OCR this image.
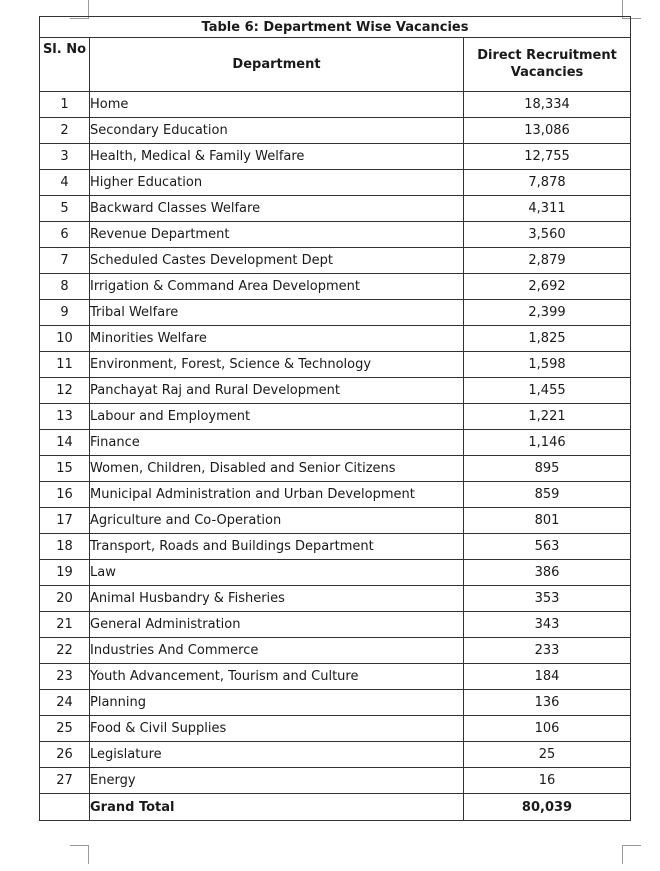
Table 6: Department Wise Vacancies		
Sl. No	Department	Direct Recruitment Vacancies
1	Home	18,334
2	Secondary Education	13,086
3	Health, Medical & Family Welfare	12,755
4	Higher Education	7,878
5	Backward Classes Welfare	4,311
6	Revenue Department	3,560
7	Scheduled Castes Development Dept	2,879
8	Irrigation & Command Area Development	2,692
9	Tribal Welfare	2,399
10	Minorities Welfare	1,825
11	Environment, Forest, Science & Technology	1,598
12	Panchayat Raj and Rural Development	1,455
13	Labour and Employment	1,221
14	Finance	1,146
15	Women, Children, Disabled and Senior Citizens	895
16	Municipal Administration and Urban Development	859
17	Agriculture and Co-Operation	801
18	Transport, Roads and Buildings Department	563
19	Law	386
20	Animal Husbandry & Fisheries	353
21	General Administration	343
22	Industries And Commerce	233
23	Youth Advancement, Tourism and Culture	184
24	Planning	136
25	Food & Civil Supplies	106
26	Legislature	25
27	Energy	16
	Grand Total	80,039
